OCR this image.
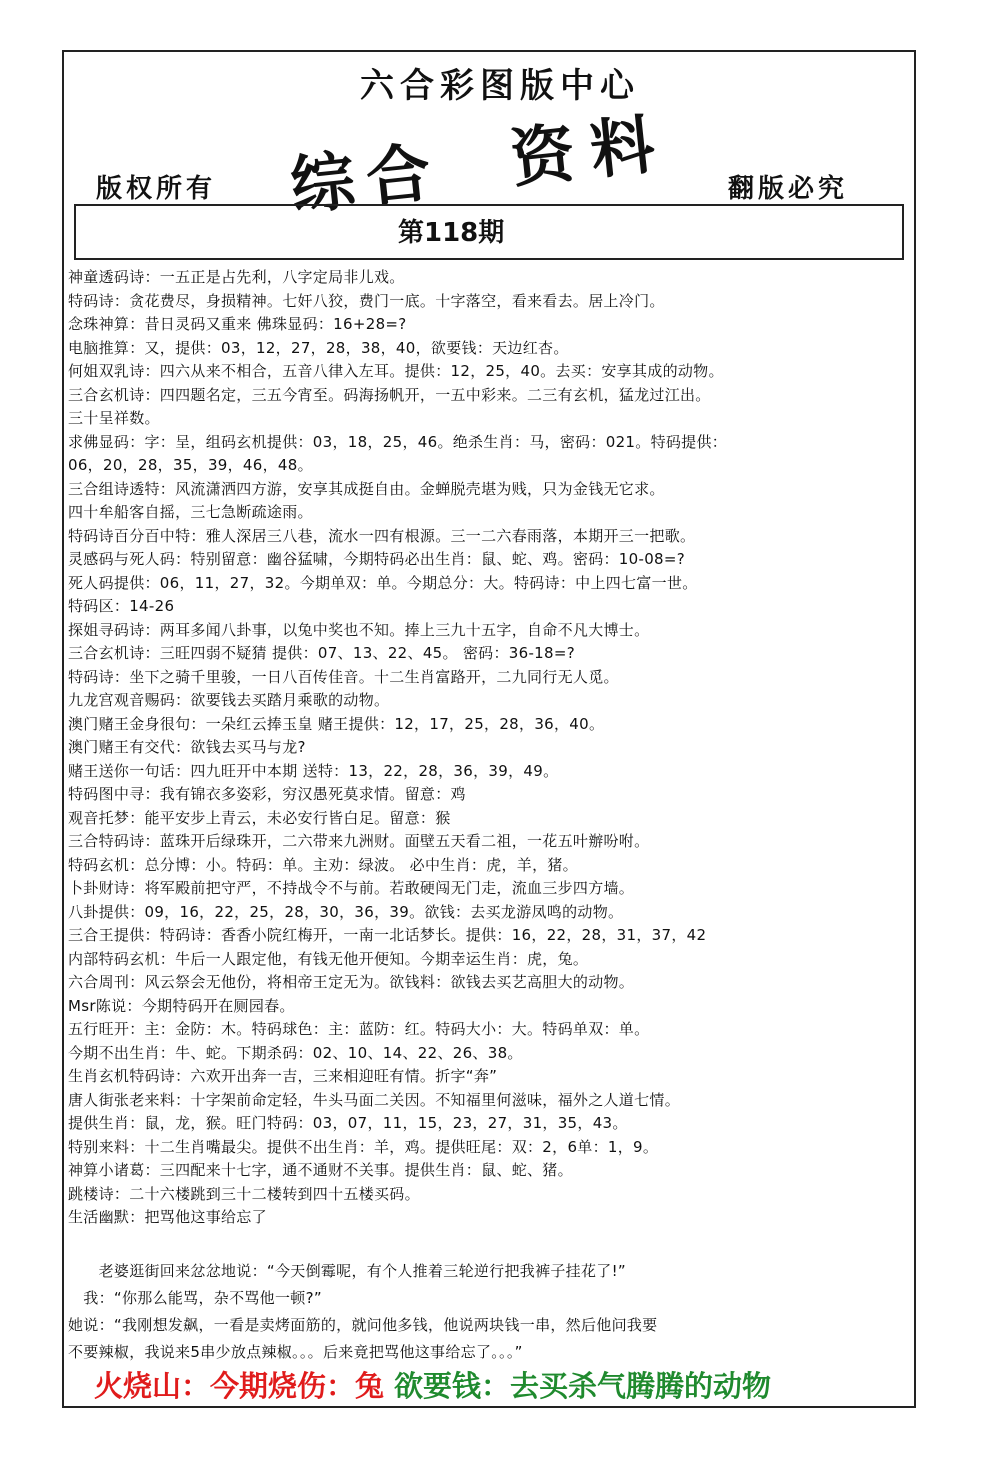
六合彩图版中心
综合 资料
版权所有	翻版必究
第118期
神童透码诗：一五正是占先利，八字定局非儿戏。
特码诗：贪花费尽，身损精神。七奸八狡，费门一底。十字落空，看来看去。居上冷门。
念珠神算：昔日灵码又重来 佛珠显码：16+28=?
电脑推算：又，提供：03，12，27，28，38，40，欲要钱：天边红杏。
何姐双乳诗：四六从来不相合，五音八律入左耳。提供：12，25，40。去买：安享其成的动物。
三合玄机诗：四四题名定，三五今宵至。码海扬帆开，一五中彩来。二三有玄机，猛龙过江出。
三十呈祥数。
求佛显码：字：呈，组码玄机提供：03，18，25，46。绝杀生肖：马，密码：021。特码提供：
06，20，28，35，39，46，48。
三合组诗透特：风流潇洒四方游，安享其成挺自由。金蝉脱壳堪为贱，只为金钱无它求。
四十牟船客自摇，三七急断疏途雨。
特码诗百分百中特：雅人深居三八巷，流水一四有根源。三一二六春雨落，本期开三一把歌。
灵感码与死人码：特别留意：幽谷猛啸，今期特码必出生肖：鼠、蛇、鸡。密码：10-08=?
死人码提供：06，11，27，32。今期单双：单。今期总分：大。特码诗：中上四七富一世。
特码区：14-26
探姐寻码诗：两耳多闻八卦事，以兔中奖也不知。捧上三九十五字，自命不凡大博士。
三合玄机诗：三旺四弱不疑猜 提供：07、13、22、45。 密码：36-18=?
特码诗：坐下之骑千里骏，一日八百传佳音。十二生肖富路开，二九同行无人觅。
九龙宫观音赐码：欲要钱去买踏月乘歌的动物。
澳门赌王金身很句：一朵红云捧玉皇 赌王提供：12，17，25，28，36，40。
澳门赌王有交代：欲钱去买马与龙?
赌王送你一句话：四九旺开中本期 送特：13，22，28，36，39，49。
特码图中寻：我有锦衣多姿彩，穷汉愚死莫求情。留意：鸡
观音托梦：能平安步上青云，未必安行皆白足。留意：猴
三合特码诗：蓝珠开后绿珠开，二六带来九洲财。面壁五天看二祖，一花五叶辦吩咐。
特码玄机：总分博：小。特码：单。主劝：绿波。 必中生肖：虎，羊，猪。
卜卦财诗：将军殿前把守严，不持战令不与前。若敢硬闯无门走，流血三步四方墙。
八卦提供：09，16，22，25，28，30，36，39。欲钱：去买龙游凤鸣的动物。
三合王提供：特码诗：香香小院红梅开，一南一北话梦长。提供：16，22，28，31，37，42
内部特码玄机：牛后一人跟定他，有钱无他开便知。今期幸运生肖：虎，兔。
六合周刊：风云祭会无他份，将相帝王定无为。欲钱料：欲钱去买艺高胆大的动物。
Msr陈说：今期特码开在厕园春。
五行旺开：主：金防：木。特码球色：主：蓝防：红。特码大小：大。特码单双：单。
今期不出生肖：牛、蛇。下期杀码：02、10、14、22、26、38。
生肖玄机特码诗：六欢开出奔一吉，三来相迎旺有情。折字“奔”
唐人街张老来料：十字架前命定轻，牛头马面二关因。不知福里何滋味，福外之人道七情。
提供生肖：鼠，龙，猴。旺门特码：03，07，11，15，23，27，31，35，43。
特别来料：十二生肖嘴最尖。提供不出生肖：羊，鸡。提供旺尾：双：2，6单：1，9。
神算小诸葛：三四配来十七字，通不通财不关事。提供生肖：鼠、蛇、猪。
跳楼诗：二十六楼跳到三十二楼转到四十五楼买码。
生活幽默：把骂他这事给忘了
　　老婆逛街回来忿忿地说：“今天倒霉呢，有个人推着三轮逆行把我裤子挂花了!”
　我：“你那么能骂，杂不骂他一顿?”
她说：“我刚想发飙，一看是卖烤面筋的，就问他多钱，他说两块钱一串，然后他问我要
不要辣椒，我说来5串少放点辣椒。。。后来竟把骂他这事给忘了。。。”
火烧山：今期烧伤：兔 欲要钱：去买杀气腾腾的动物
